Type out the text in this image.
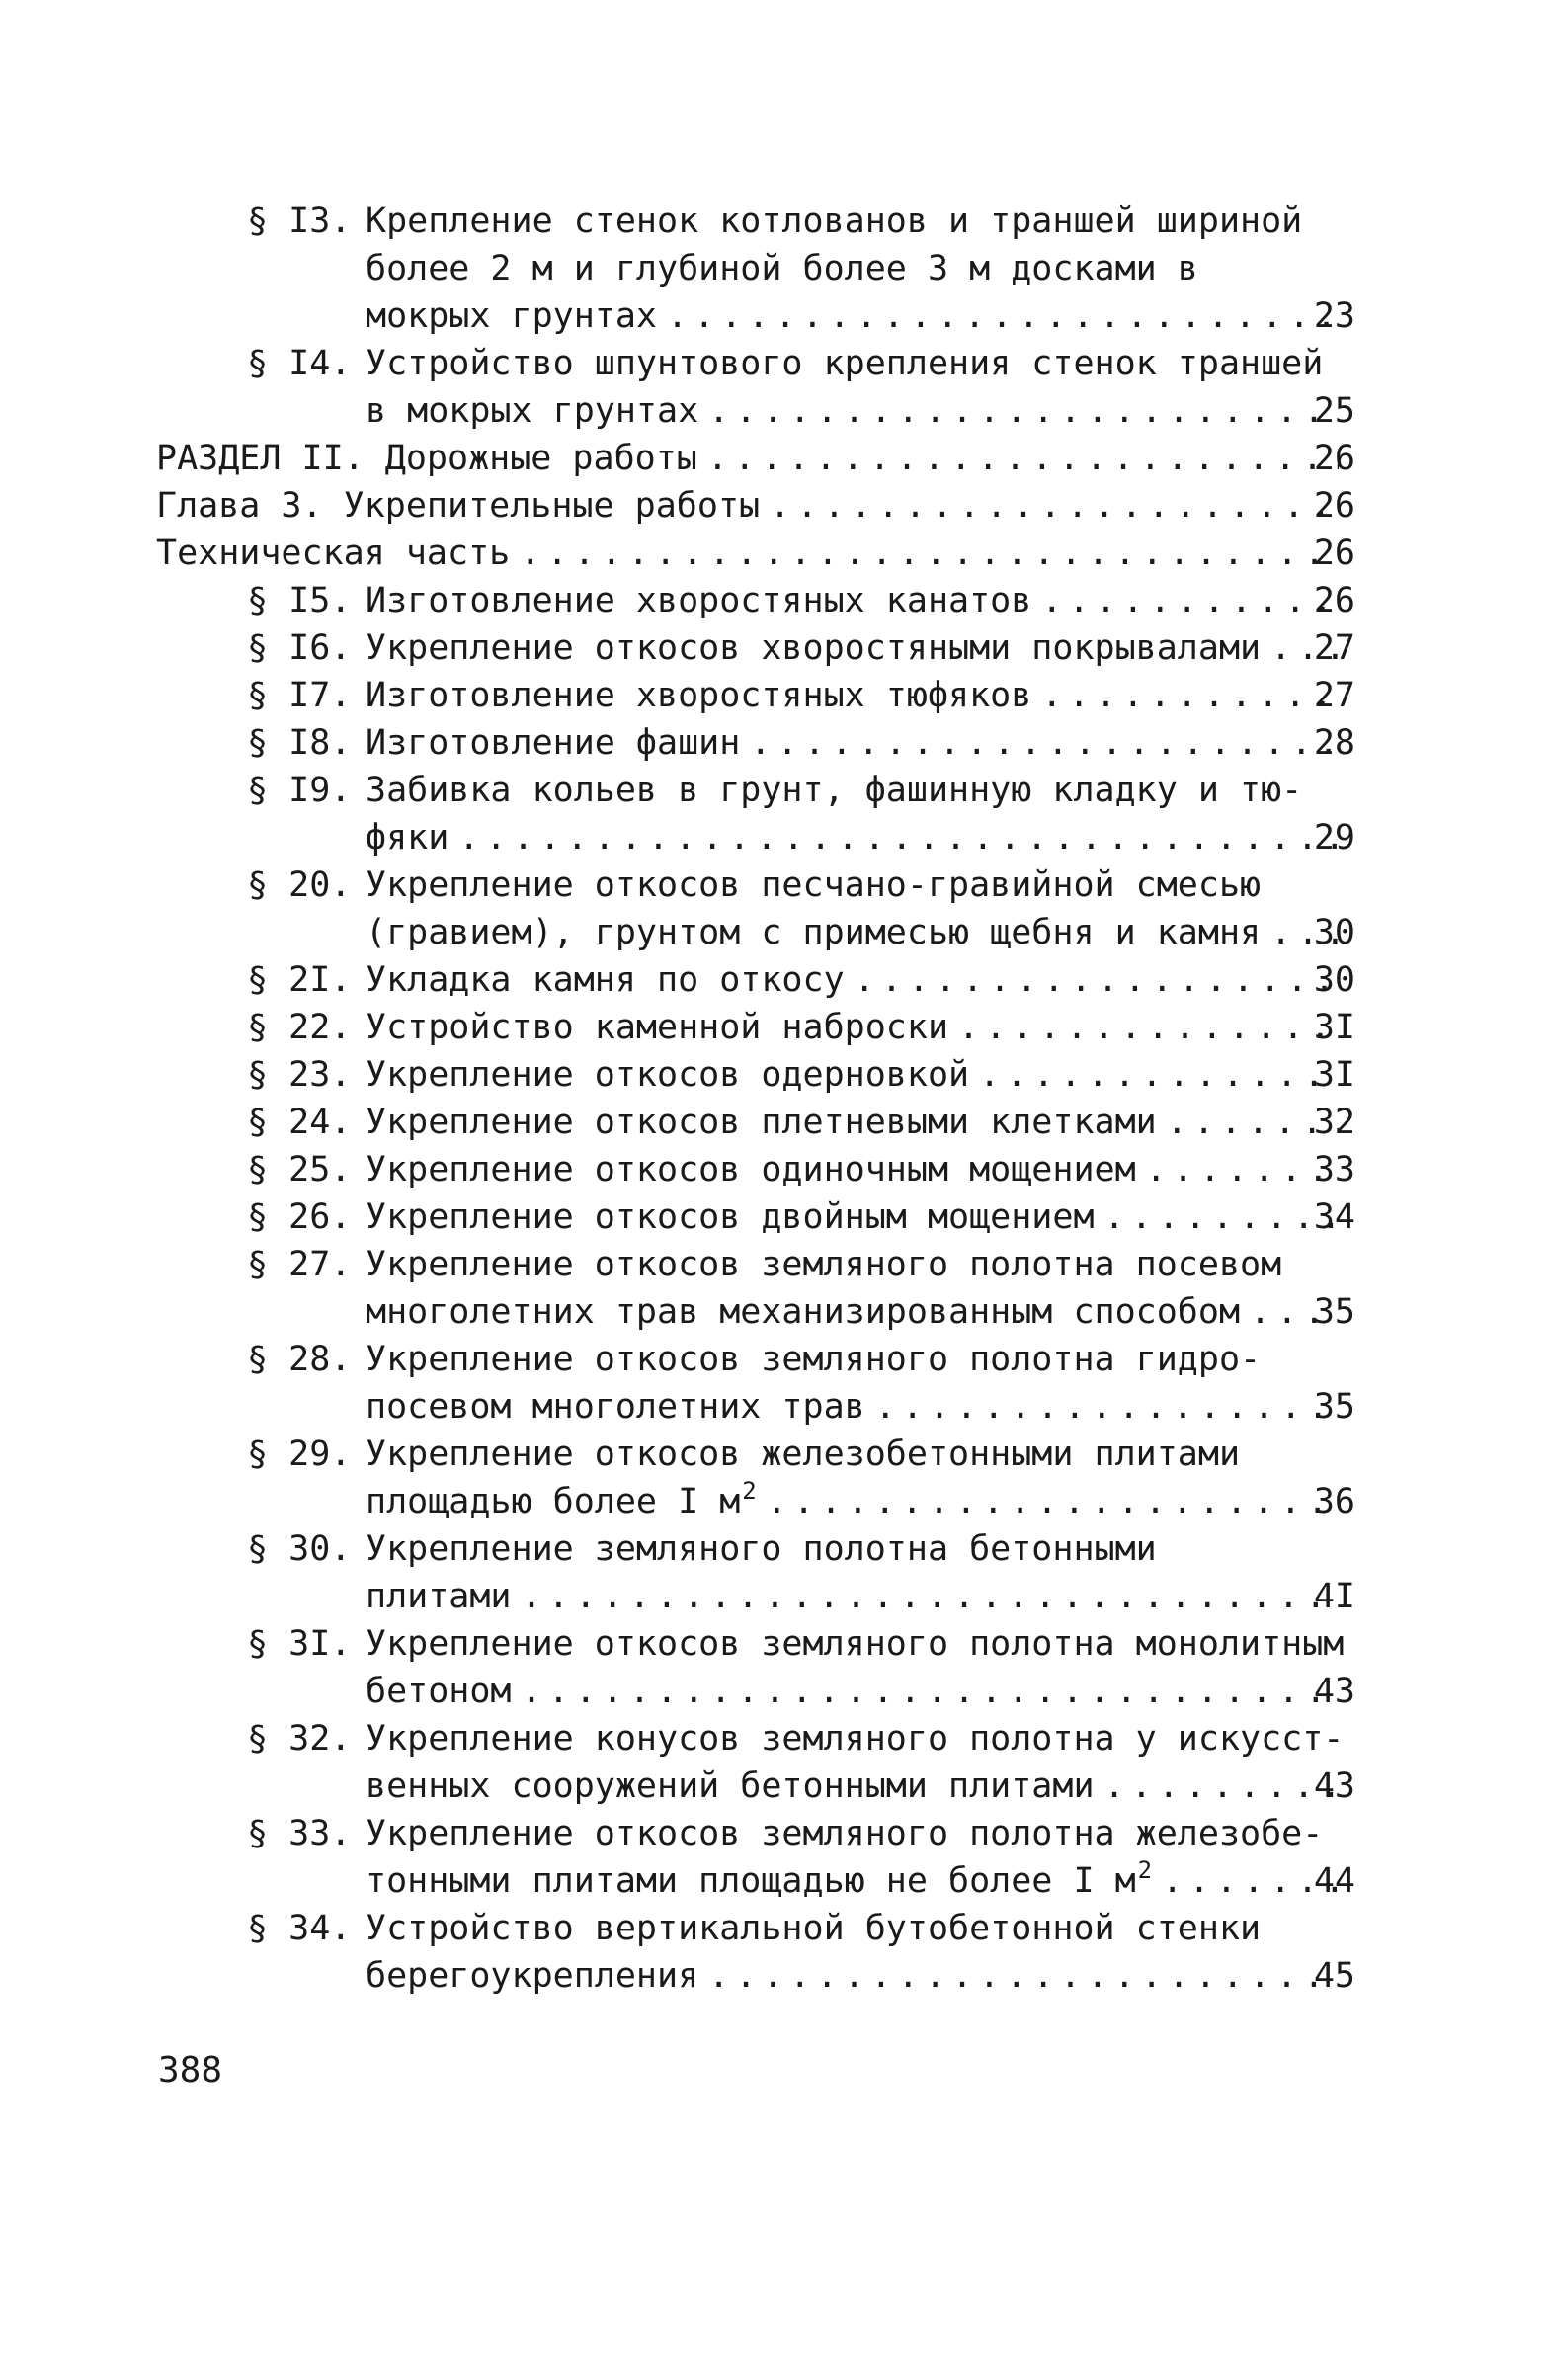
§ I3. Крепление стенок котлованов и траншей шириной
более 2 м и глубиной более 3 м досками в
мокрых грунтах .....	23
§ I4. Устройство шпунтового крепления стенок траншей
в мокрых грунтах .....	25
РАЗДЕЛ II. Дорожные работы .....	26
Глава 3. Укрепительные работы .....	26
Техническая часть .....	26
§ I5. Изготовление хворостяных канатов .....	26
§ I6. Укрепление откосов хворостяными покрывалами .....	27
§ I7. Изготовление хворостяных тюфяков .....	27
§ I8. Изготовление фашин .....	28
§ I9. Забивка кольев в грунт, фашинную кладку и тю-
фяки .....	29
§ 20. Укрепление откосов песчано-гравийной смесью
(гравием), грунтом с примесью щебня и камня .....	30
§ 2I. Укладка камня по откосу .....	30
§ 22. Устройство каменной наброски .....	3I
§ 23. Укрепление откосов одерновкой .....	3I
§ 24. Укрепление откосов плетневыми клетками .....	32
§ 25. Укрепление откосов одиночным мощением .....	33
§ 26. Укрепление откосов двойным мощением .....	34
§ 27. Укрепление откосов земляного полотна посевом
многолетних трав механизированным способом .....	35
§ 28. Укрепление откосов земляного полотна гидро-
посевом многолетних трав .....	35
§ 29. Укрепление откосов железобетонными плитами
площадью более I м 2 .....	36
§ 30. Укрепление земляного полотна бетонными
плитами .....	4I
§ 3I. Укрепление откосов земляного полотна монолитным
бетоном .....	43
§ 32. Укрепление конусов земляного полотна у искусст-
венных сооружений бетонными плитами .....	43
§ 33. Укрепление откосов земляного полотна железобе-
тонными плитами площадью не более I м 2 .....	44
§ 34. Устройство вертикальной бутобетонной стенки
берегоукрепления .....	45

388
